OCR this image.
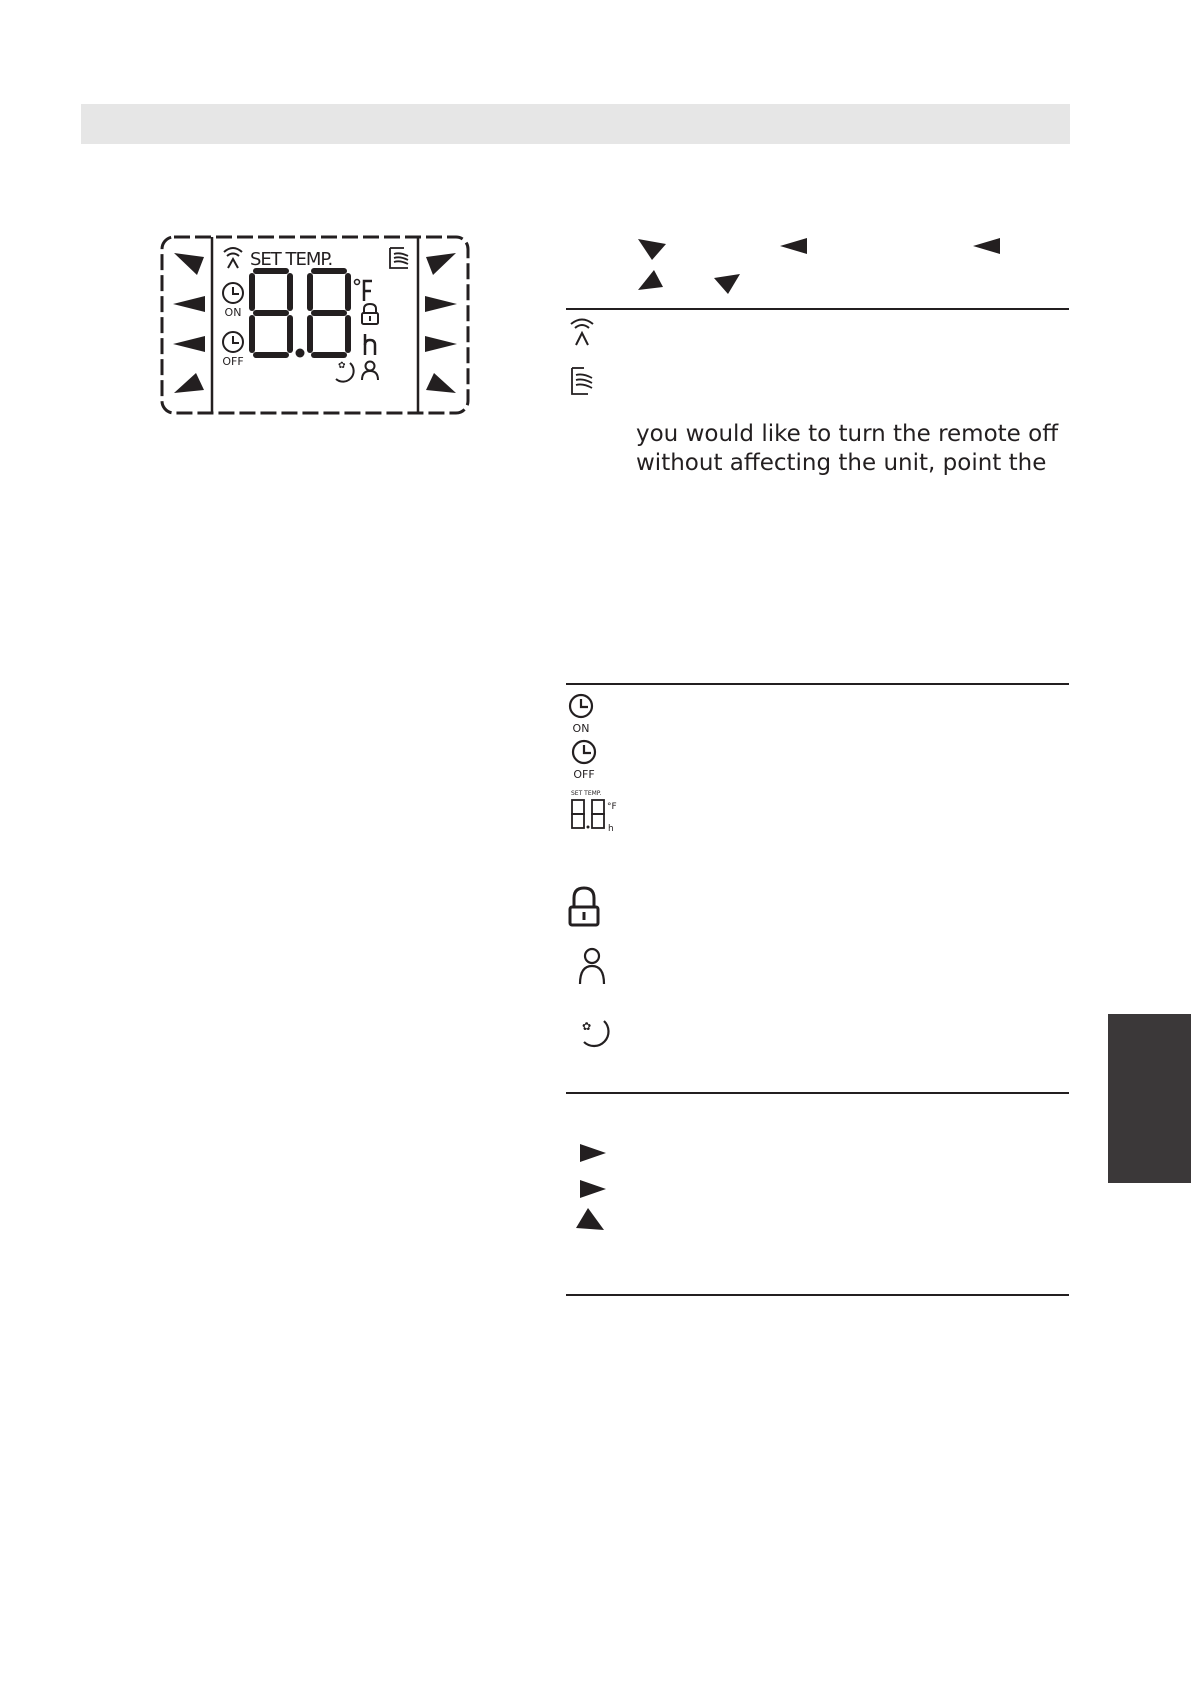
SET TEMP.
ON
OFF	✿
you would like to turn the remote off
without affecting the unit, point the
ON
OFF
SET TEMP.
°F
h
✿
